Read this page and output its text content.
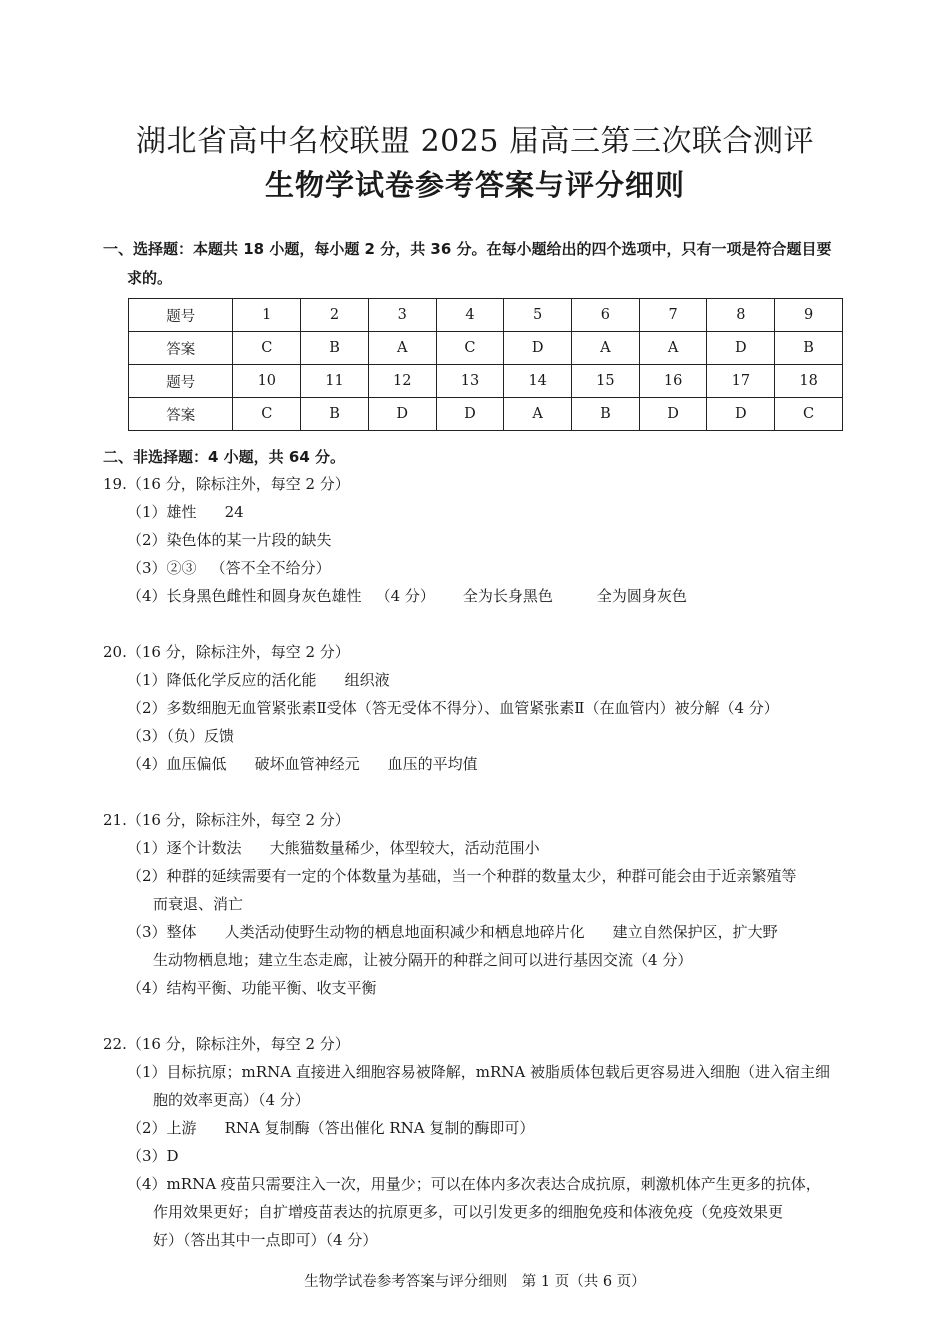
湖北省高中名校联盟 2025 届高三第三次联合测评
生物学试卷参考答案与评分细则
一、选择题：本题共 18 小题，每小题 2 分，共 36 分。在每小题给出的四个选项中，只有一项是符合题目要
求的。
题号	1	2	3	4	5	6	7	8	9
答案	C	B	A	C	D	A	A	D	B
题号	10	11	12	13	14	15	16	17	18
答案	C	B	D	D	A	B	D	D	C
二、非选择题：4 小题，共 64 分。
19.（16 分，除标注外，每空 2 分）
（1）雄性 24
（2）染色体的某一片段的缺失
（3）②③ （答不全不给分）
（4）长身黑色雌性和圆身灰色雄性 （4 分） 全为长身黑色	全为圆身灰色
20.（16 分，除标注外，每空 2 分）
（1）降低化学反应的活化能 组织液
（2）多数细胞无血管紧张素Ⅱ受体（答无受体不得分）、血管紧张素Ⅱ（在血管内）被分解（4 分）
（3）（负）反馈
（4）血压偏低 破坏血管神经元 血压的平均值
21.（16 分，除标注外，每空 2 分）
（1）逐个计数法 大熊猫数量稀少，体型较大，活动范围小
（2）种群的延续需要有一定的个体数量为基础，当一个种群的数量太少，种群可能会由于近亲繁殖等
而衰退、消亡
（3）整体 人类活动使野生动物的栖息地面积减少和栖息地碎片化 建立自然保护区，扩大野
生动物栖息地；建立生态走廊，让被分隔开的种群之间可以进行基因交流（4 分）
（4）结构平衡、功能平衡、收支平衡
22.（16 分，除标注外，每空 2 分）
（1）目标抗原；mRNA 直接进入细胞容易被降解，mRNA 被脂质体包载后更容易进入细胞（进入宿主细
胞的效率更高）（4 分）
（2）上游 RNA 复制酶（答出催化 RNA 复制的酶即可）
（3）D
（4）mRNA 疫苗只需要注入一次，用量少；可以在体内多次表达合成抗原，刺激机体产生更多的抗体，
作用效果更好；自扩增疫苗表达的抗原更多，可以引发更多的细胞免疫和体液免疫（免疫效果更
好）（答出其中一点即可）（4 分）
生物学试卷参考答案与评分细则　第 1 页（共 6 页）
